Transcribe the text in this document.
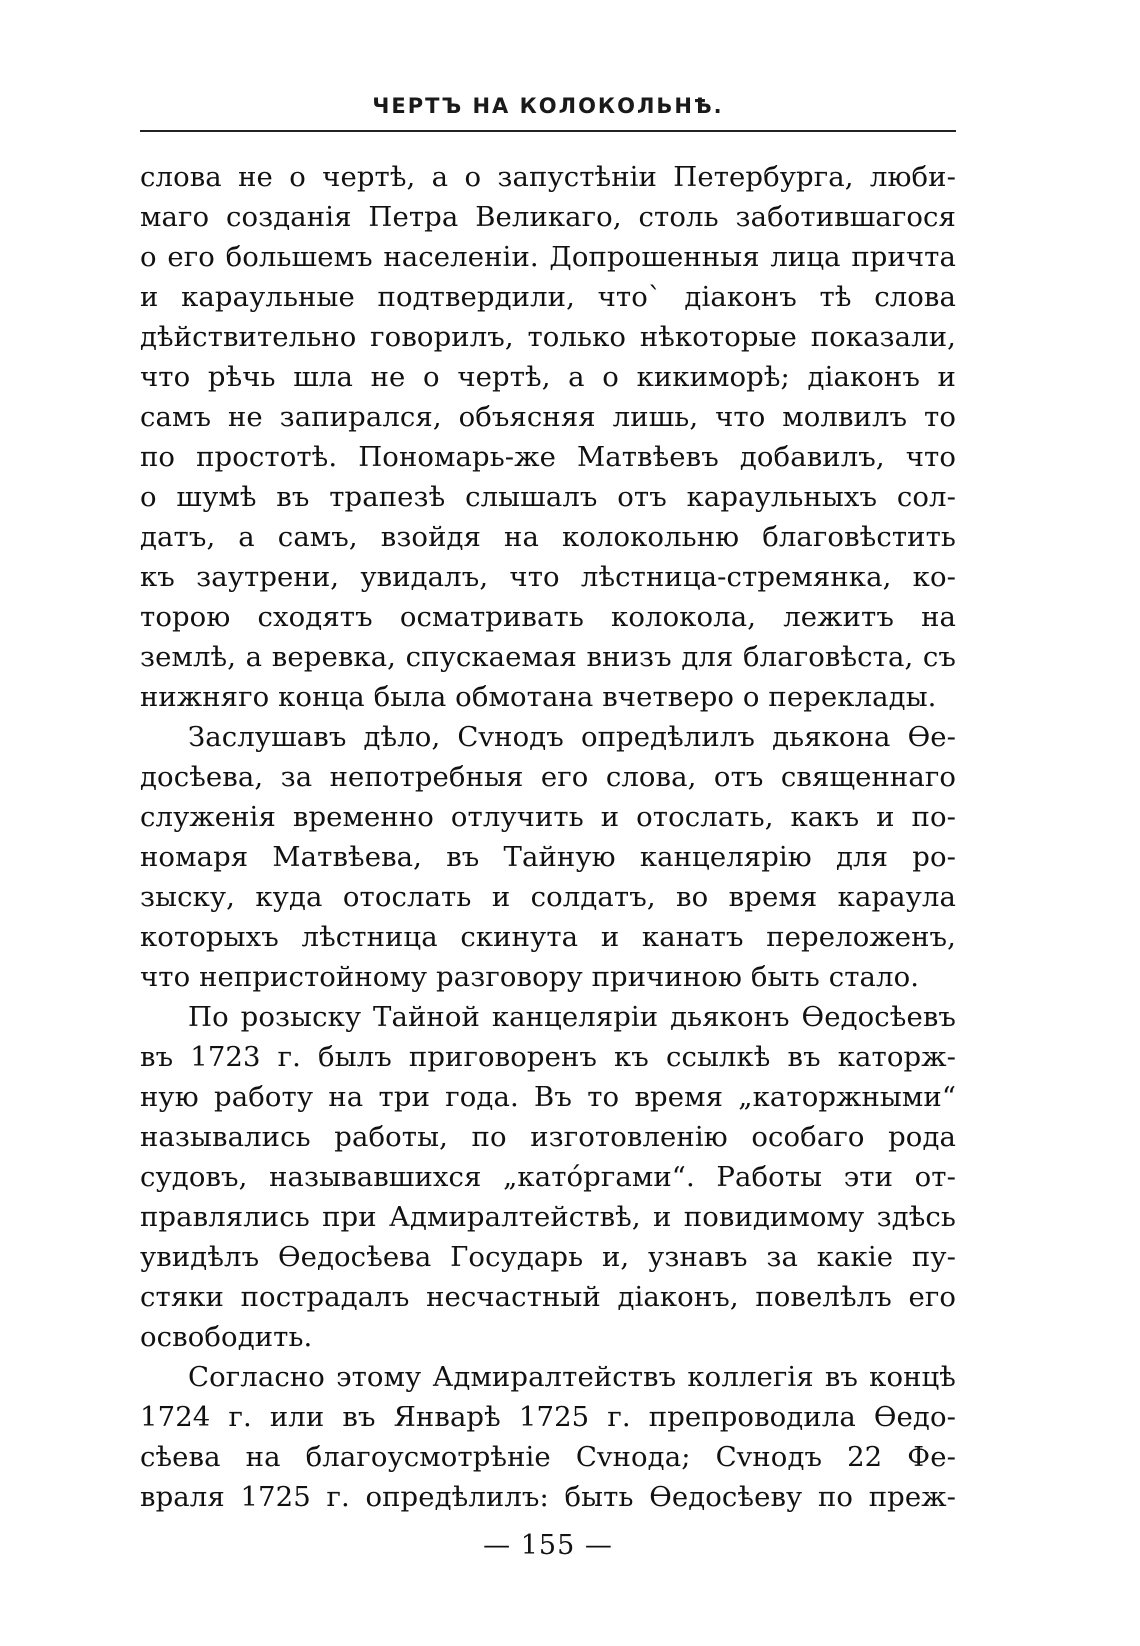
ЧЕРТЪ НА КОЛОКОЛЬНѢ.
слова не о чертѣ, а о запустѣніи Петербурга, люби-
маго созданія Петра Великаго, столь заботившагося
о его большемъ населеніи. Допрошенныя лица причта
и караульные подтвердили, что` діаконъ тѣ слова
дѣйствительно говорилъ, только нѣкоторые показали,
что рѣчь шла не о чертѣ, а о кикиморѣ; діаконъ и
самъ не запирался, объясняя лишь, что молвилъ то
по простотѣ. Пономарь-же Матвѣевъ добавилъ, что
о шумѣ въ трапезѣ слышалъ отъ караульныхъ сол-
датъ, а самъ, взойдя на колокольню благовѣстить
къ заутрени, увидалъ, что лѣстница-стремянка, ко-
торою сходятъ осматривать колокола, лежитъ на
землѣ, а веревка, спускаемая внизъ для благовѣста, съ
нижняго конца была обмотана вчетверо о переклады.
Заслушавъ дѣло, Сvнодъ опредѣлилъ дьякона Ѳе-
досѣева, за непотребныя его слова, отъ священнаго
служенія временно отлучить и отослать, какъ и по-
номаря Матвѣева, въ Тайную канцелярію для ро-
зыску, куда отослать и солдатъ, во время караула
которыхъ лѣстница скинута и канатъ переложенъ,
что непристойному разговору причиною быть стало.
По розыску Тайной канцеляріи дьяконъ Ѳедосѣевъ
въ 1723 г. былъ приговоренъ къ ссылкѣ въ каторж-
ную работу на три года. Въ то время „каторжными“
назывались работы, по изготовленію особаго рода
судовъ, называвшихся „катόргами“. Работы эти от-
правлялись при Адмиралтействѣ, и повидимому здѣсь
увидѣлъ Ѳедосѣева Государь и, узнавъ за какіе пу-
стяки пострадалъ несчастный діаконъ, повелѣлъ его
освободить.
Согласно этому Адмиралтействъ коллегія въ концѣ
1724 г. или въ Январѣ 1725 г. препроводила Ѳедо-
сѣева на благоусмотрѣніе Сvнода; Сvнодъ 22 Фе-
враля 1725 г. опредѣлилъ: быть Ѳедосѣеву по преж-
— 155 —
